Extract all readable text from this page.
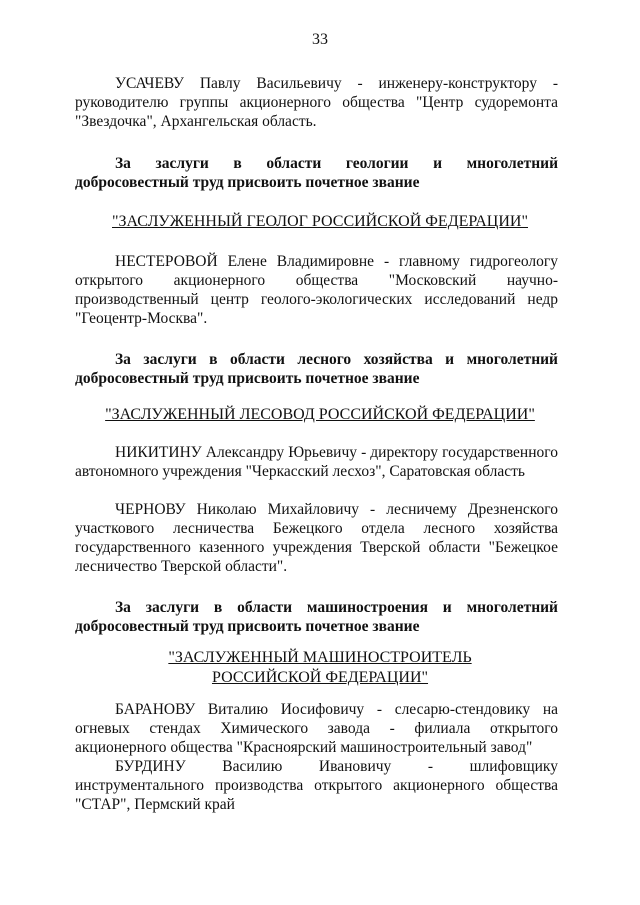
33
УСАЧЕВУ Павлу Васильевичу - инженеру-конструктору - руководителю группы акционерного общества "Центр судоремонта "Звездочка", Архангельская область.
За заслуги в области геологии и многолетний
добросовестный труд присвоить почетное звание
"ЗАСЛУЖЕННЫЙ ГЕОЛОГ РОССИЙСКОЙ ФЕДЕРАЦИИ"
НЕСТЕРОВОЙ Елене Владимировне - главному гидрогеологу открытого акционерного общества "Московский научно-производственный центр геолого-экологических исследований недр "Геоцентр-Москва".
За заслуги в области лесного хозяйства и многолетний
добросовестный труд присвоить почетное звание
"ЗАСЛУЖЕННЫЙ ЛЕСОВОД РОССИЙСКОЙ ФЕДЕРАЦИИ"
НИКИТИНУ Александру Юрьевичу - директору государственного автономного учреждения "Черкасский лесхоз", Саратовская область
ЧЕРНОВУ Николаю Михайловичу - лесничему Дрезненского участкового лесничества Бежецкого отдела лесного хозяйства государственного казенного учреждения Тверской области "Бежецкое лесничество Тверской области".
За заслуги в области машиностроения и многолетний
добросовестный труд присвоить почетное звание
"ЗАСЛУЖЕННЫЙ МАШИНОСТРОИТЕЛЬ
РОССИЙСКОЙ ФЕДЕРАЦИИ"
БАРАНОВУ Виталию Иосифовичу - слесарю-стендовику на огневых стендах Химического завода - филиала открытого акционерного общества "Красноярский машиностроительный завод"
БУРДИНУ Василию Ивановичу - шлифовщику инструментального производства открытого акционерного общества "СТАР", Пермский край
